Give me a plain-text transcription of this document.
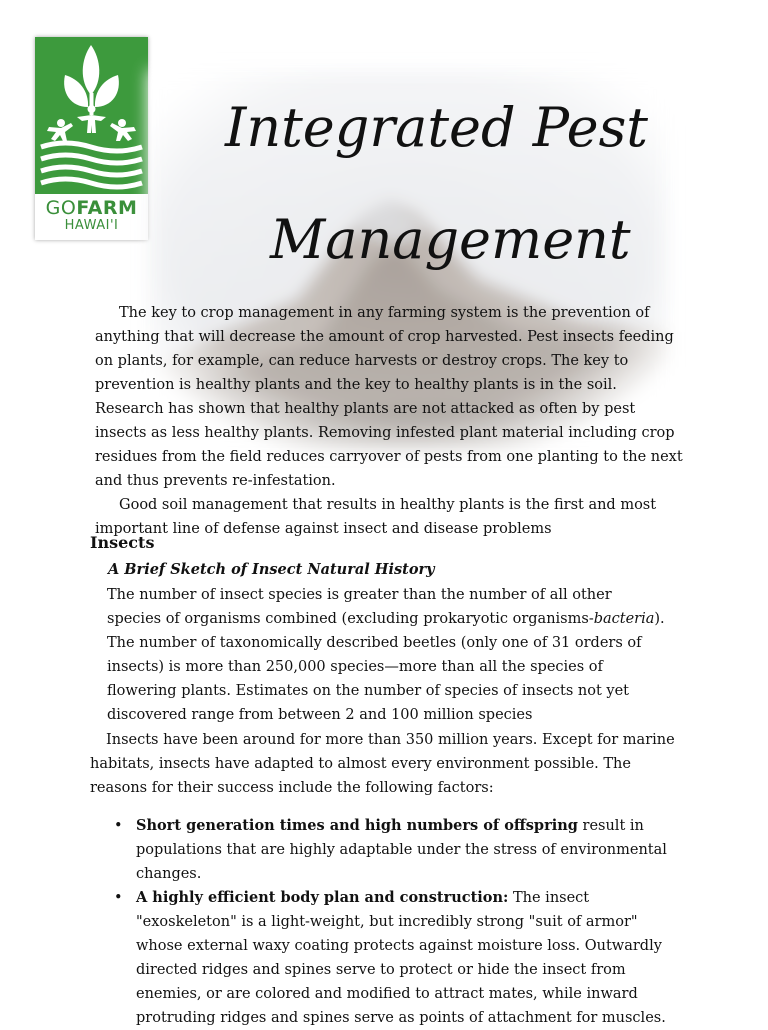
GOFARM
HAWAI'I
Integrated Pest
Management

The key to crop management in any farming system is the prevention of anything that will decrease the amount of crop harvested. Pest insects feeding on plants, for example, can reduce harvests or destroy crops. The key to prevention is healthy plants and the key to healthy plants is in the soil. Research has shown that healthy plants are not attacked as often by pest insects as less healthy plants. Removing infested plant material including crop residues from the field reduces carryover of pests from one planting to the next and thus prevents re-infestation.

Good soil management that results in healthy plants is the first and most important line of defense against insect and disease problems

Insects
A Brief Sketch of Insect Natural History

The number of insect species is greater than the number of all other species of organisms combined (excluding prokaryotic organisms-bacteria). The number of taxonomically described beetles (only one of 31 orders of insects) is more than 250,000 species—more than all the species of flowering plants. Estimates on the number of species of insects not yet discovered range from between 2 and 100 million species

Insects have been around for more than 350 million years. Except for marine habitats, insects have adapted to almost every environment possible. The reasons for their success include the following factors:

• Short generation times and high numbers of offspring result in populations that are highly adaptable under the stress of environmental changes.
• A highly efficient body plan and construction: The insect "exoskeleton" is a light-weight, but incredibly strong "suit of armor" whose external waxy coating protects against moisture loss. Outwardly directed ridges and spines serve to protect or hide the insect from enemies, or are colored and modified to attract mates, while inward protruding ridges and spines serve as points of attachment for muscles.
